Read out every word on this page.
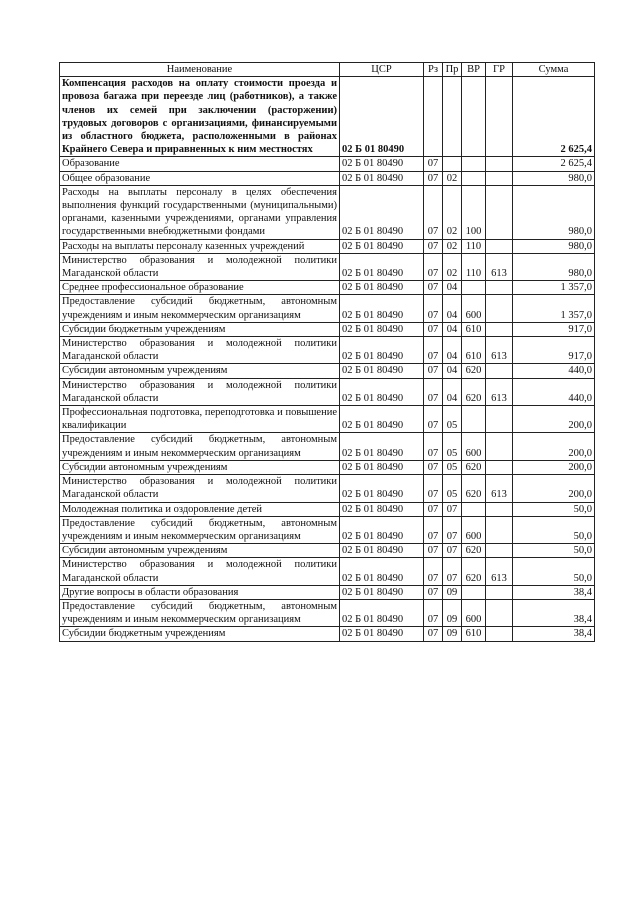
Наименование	ЦСР	Рз	Пр	ВР	ГР	Сумма
Компенсация расходов на оплату стоимости проезда и провоза багажа при переезде лиц (работников), а также членов их семей при заключении (расторжении) трудовых договоров с организациями, финансируемыми из областного бюджета, расположенными в районах Крайнего Севера и приравненных к ним местностях	02 Б 01 80490					2 625,4
Образование	02 Б 01 80490	07				2 625,4
Общее образование	02 Б 01 80490	07	02			980,0
Расходы на выплаты персоналу в целях обеспечения выполнения функций государственными (муниципальными) органами, казенными учреждениями, органами управления государственными внебюджетными фондами	02 Б 01 80490	07	02	100		980,0
Расходы на выплаты персоналу казенных учреждений	02 Б 01 80490	07	02	110		980,0
Министерство образования и молодежной политики Магаданской области	02 Б 01 80490	07	02	110	613	980,0
Среднее профессиональное образование	02 Б 01 80490	07	04			1 357,0
Предоставление субсидий бюджетным, автономным учреждениям и иным некоммерческим организациям	02 Б 01 80490	07	04	600		1 357,0
Субсидии бюджетным учреждениям	02 Б 01 80490	07	04	610		917,0
Министерство образования и молодежной политики Магаданской области	02 Б 01 80490	07	04	610	613	917,0
Субсидии автономным учреждениям	02 Б 01 80490	07	04	620		440,0
Министерство образования и молодежной политики Магаданской области	02 Б 01 80490	07	04	620	613	440,0
Профессиональная подготовка, переподготовка и повышение квалификации	02 Б 01 80490	07	05			200,0
Предоставление субсидий бюджетным, автономным учреждениям и иным некоммерческим организациям	02 Б 01 80490	07	05	600		200,0
Субсидии автономным учреждениям	02 Б 01 80490	07	05	620		200,0
Министерство образования и молодежной политики Магаданской области	02 Б 01 80490	07	05	620	613	200,0
Молодежная политика и оздоровление детей	02 Б 01 80490	07	07			50,0
Предоставление субсидий бюджетным, автономным учреждениям и иным некоммерческим организациям	02 Б 01 80490	07	07	600		50,0
Субсидии автономным учреждениям	02 Б 01 80490	07	07	620		50,0
Министерство образования и молодежной политики Магаданской области	02 Б 01 80490	07	07	620	613	50,0
Другие вопросы в области образования	02 Б 01 80490	07	09			38,4
Предоставление субсидий бюджетным, автономным учреждениям и иным некоммерческим организациям	02 Б 01 80490	07	09	600		38,4
Субсидии бюджетным учреждениям	02 Б 01 80490	07	09	610		38,4
